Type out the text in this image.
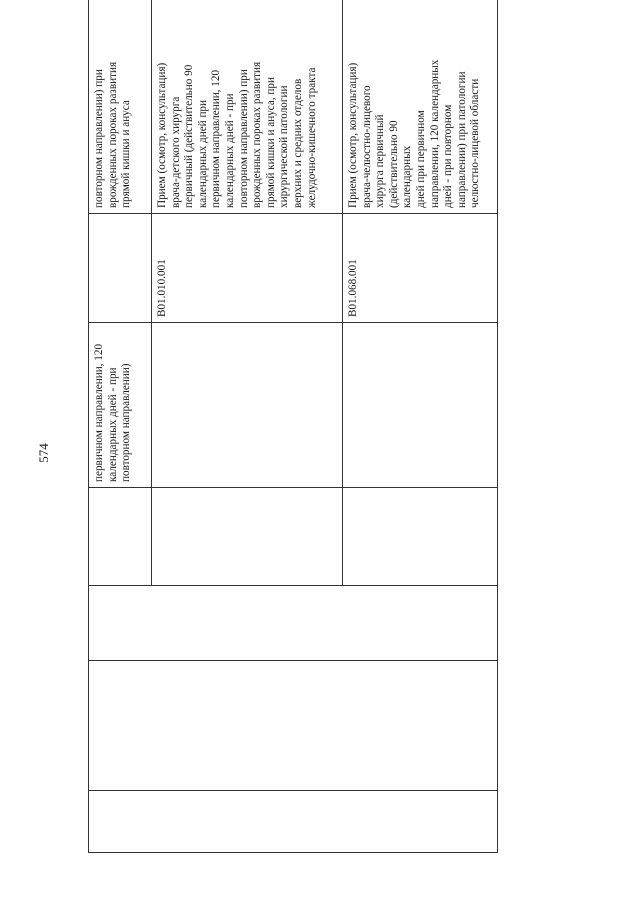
574	первичном направлении, 120
календарных дней - при
повторном направлении)
повторном направлении) при
врожденных пороках развития
прямой кишки и ануса
B01.010.001
Прием (осмотр, консультация)
врача-детского хирурга
первичный (действительно 90
календарных дней при
первичном направлении, 120
календарных дней - при
повторном направлении) при
врожденных пороках развития
прямой кишки и ануса, при
хирургической патологии
верхних и средних отделов
желудочно-кишечного тракта
B01.068.001
Прием (осмотр, консультация)
врача-челюстно-лицевого
хирурга первичный
(действительно 90 календарных
дней при первичном
направлении, 120 календарных
дней - при повторном
направлении) при патологии
челюстно-лицевой области
